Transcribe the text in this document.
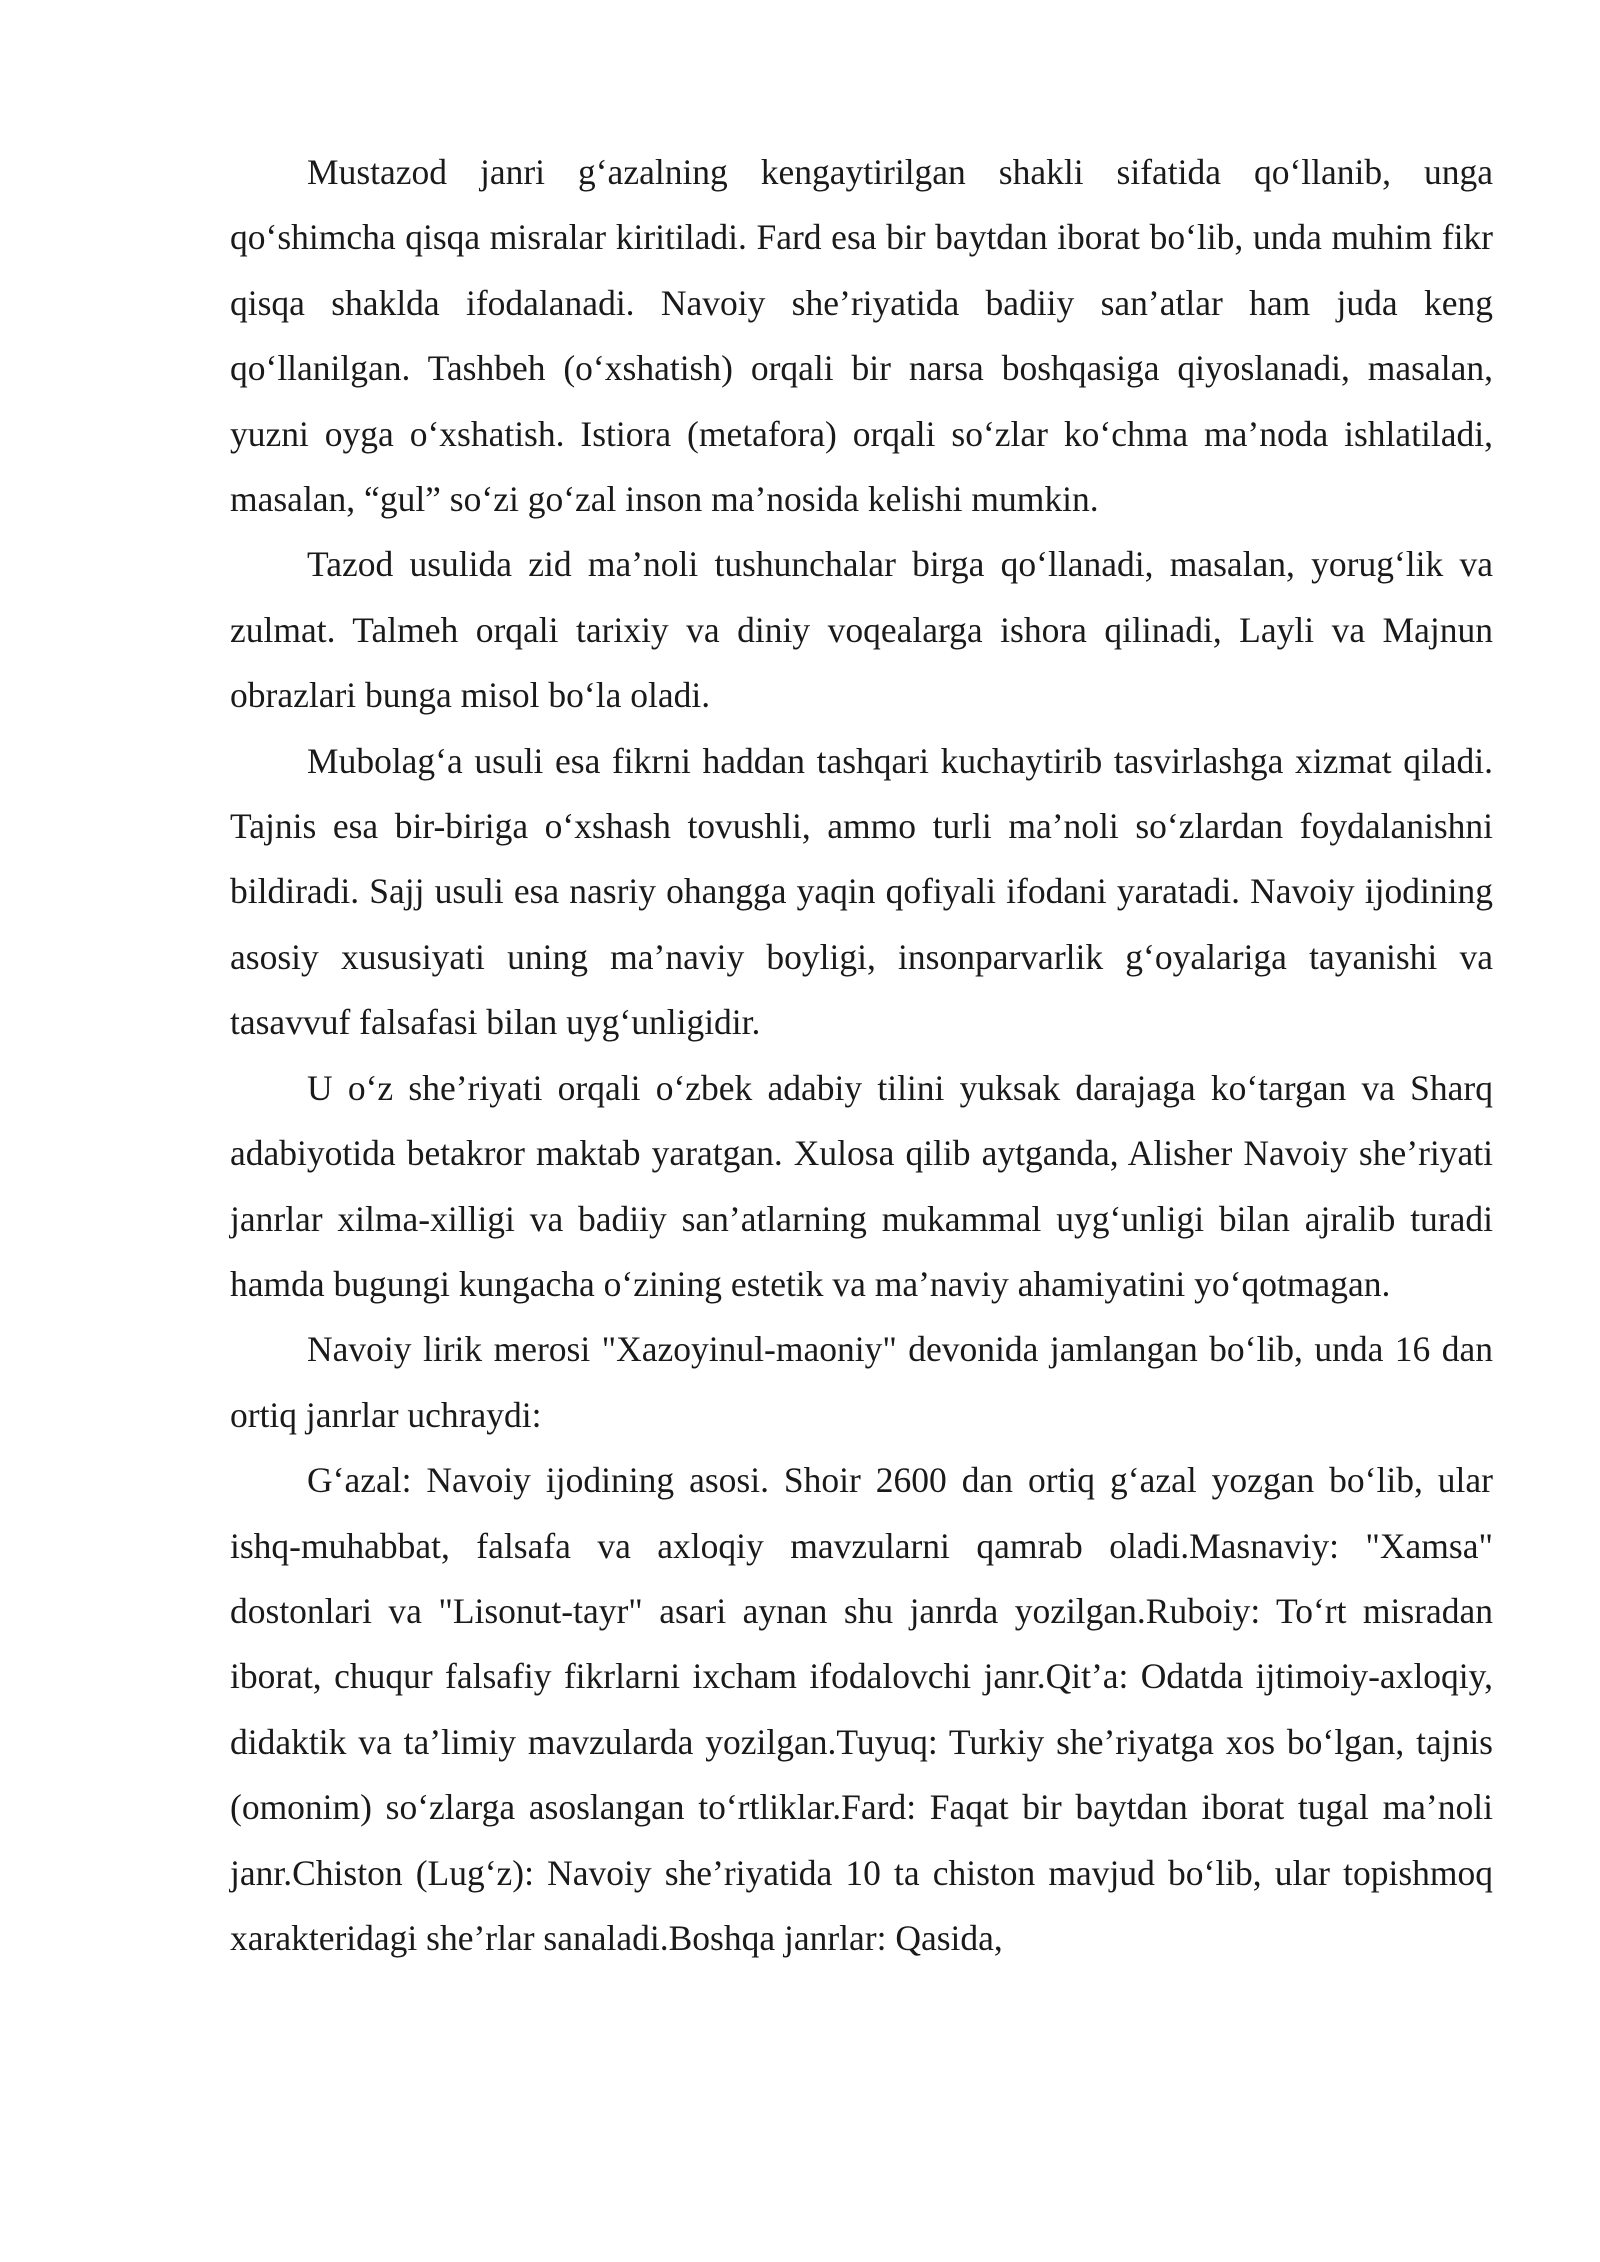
Mustazod janri g‘azalning kengaytirilgan shakli sifatida qo‘llanib, unga qo‘shimcha qisqa misralar kiritiladi. Fard esa bir baytdan iborat bo‘lib, unda muhim fikr qisqa shaklda ifodalanadi. Navoiy she’riyatida badiiy san’atlar ham juda keng qo‘llanilgan. Tashbeh (o‘xshatish) orqali bir narsa boshqasiga qiyoslanadi, masalan, yuzni oyga o‘xshatish. Istiora (metafora) orqali so‘zlar ko‘chma ma’noda ishlatiladi, masalan, “gul” so‘zi go‘zal inson ma’nosida kelishi mumkin.

Tazod usulida zid ma’noli tushunchalar birga qo‘llanadi, masalan, yorug‘lik va zulmat. Talmeh orqali tarixiy va diniy voqealarga ishora qilinadi, Layli va Majnun obrazlari bunga misol bo‘la oladi.

Mubolag‘a usuli esa fikrni haddan tashqari kuchaytirib tasvirlashga xizmat qiladi. Tajnis esa bir-biriga o‘xshash tovushli, ammo turli ma’noli so‘zlardan foydalanishni bildiradi. Sajj usuli esa nasriy ohangga yaqin qofiyali ifodani yaratadi. Navoiy ijodining asosiy xususiyati uning ma’naviy boyligi, insonparvarlik g‘oyalariga tayanishi va tasavvuf falsafasi bilan uyg‘unligidir.

U o‘z she’riyati orqali o‘zbek adabiy tilini yuksak darajaga ko‘targan va Sharq adabiyotida betakror maktab yaratgan. Xulosa qilib aytganda, Alisher Navoiy she’riyati janrlar xilma-xilligi va badiiy san’atlarning mukammal uyg‘unligi bilan ajralib turadi hamda bugungi kungacha o‘zining estetik va ma’naviy ahamiyatini yo‘qotmagan.

Navoiy lirik merosi "Xazoyinul-maoniy" devonida jamlangan bo‘lib, unda 16 dan ortiq janrlar uchraydi:

G‘azal: Navoiy ijodining asosi. Shoir 2600 dan ortiq g‘azal yozgan bo‘lib, ular ishq-muhabbat, falsafa va axloqiy mavzularni qamrab oladi.Masnaviy: "Xamsa" dostonlari va "Lisonut-tayr" asari aynan shu janrda yozilgan.Ruboiy: To‘rt misradan iborat, chuqur falsafiy fikrlarni ixcham ifodalovchi janr.Qit’a: Odatda ijtimoiy-axloqiy, didaktik va ta’limiy mavzularda yozilgan.Tuyuq: Turkiy she’riyatga xos bo‘lgan, tajnis (omonim) so‘zlarga asoslangan to‘rtliklar.Fard: Faqat bir baytdan iborat tugal ma’noli janr.Chiston (Lug‘z): Navoiy she’riyatida 10 ta chiston mavjud bo‘lib, ular topishmoq xarakteridagi she’rlar sanaladi.Boshqa janrlar: Qasida,
